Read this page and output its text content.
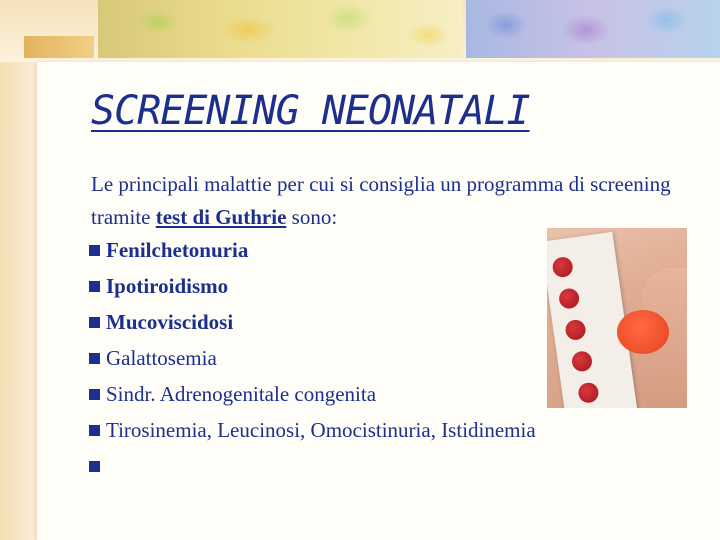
SCREENING NEONATALI

Le principali malattie per cui si consiglia un programma di screening tramite test di Guthrie sono:

Fenilchetonuria
Ipotiroidismo
Mucoviscidosi
Galattosemia
Sindr. Adrenogenitale congenita
Tirosinemia, Leucinosi, Omocistinuria, Istidinemia
